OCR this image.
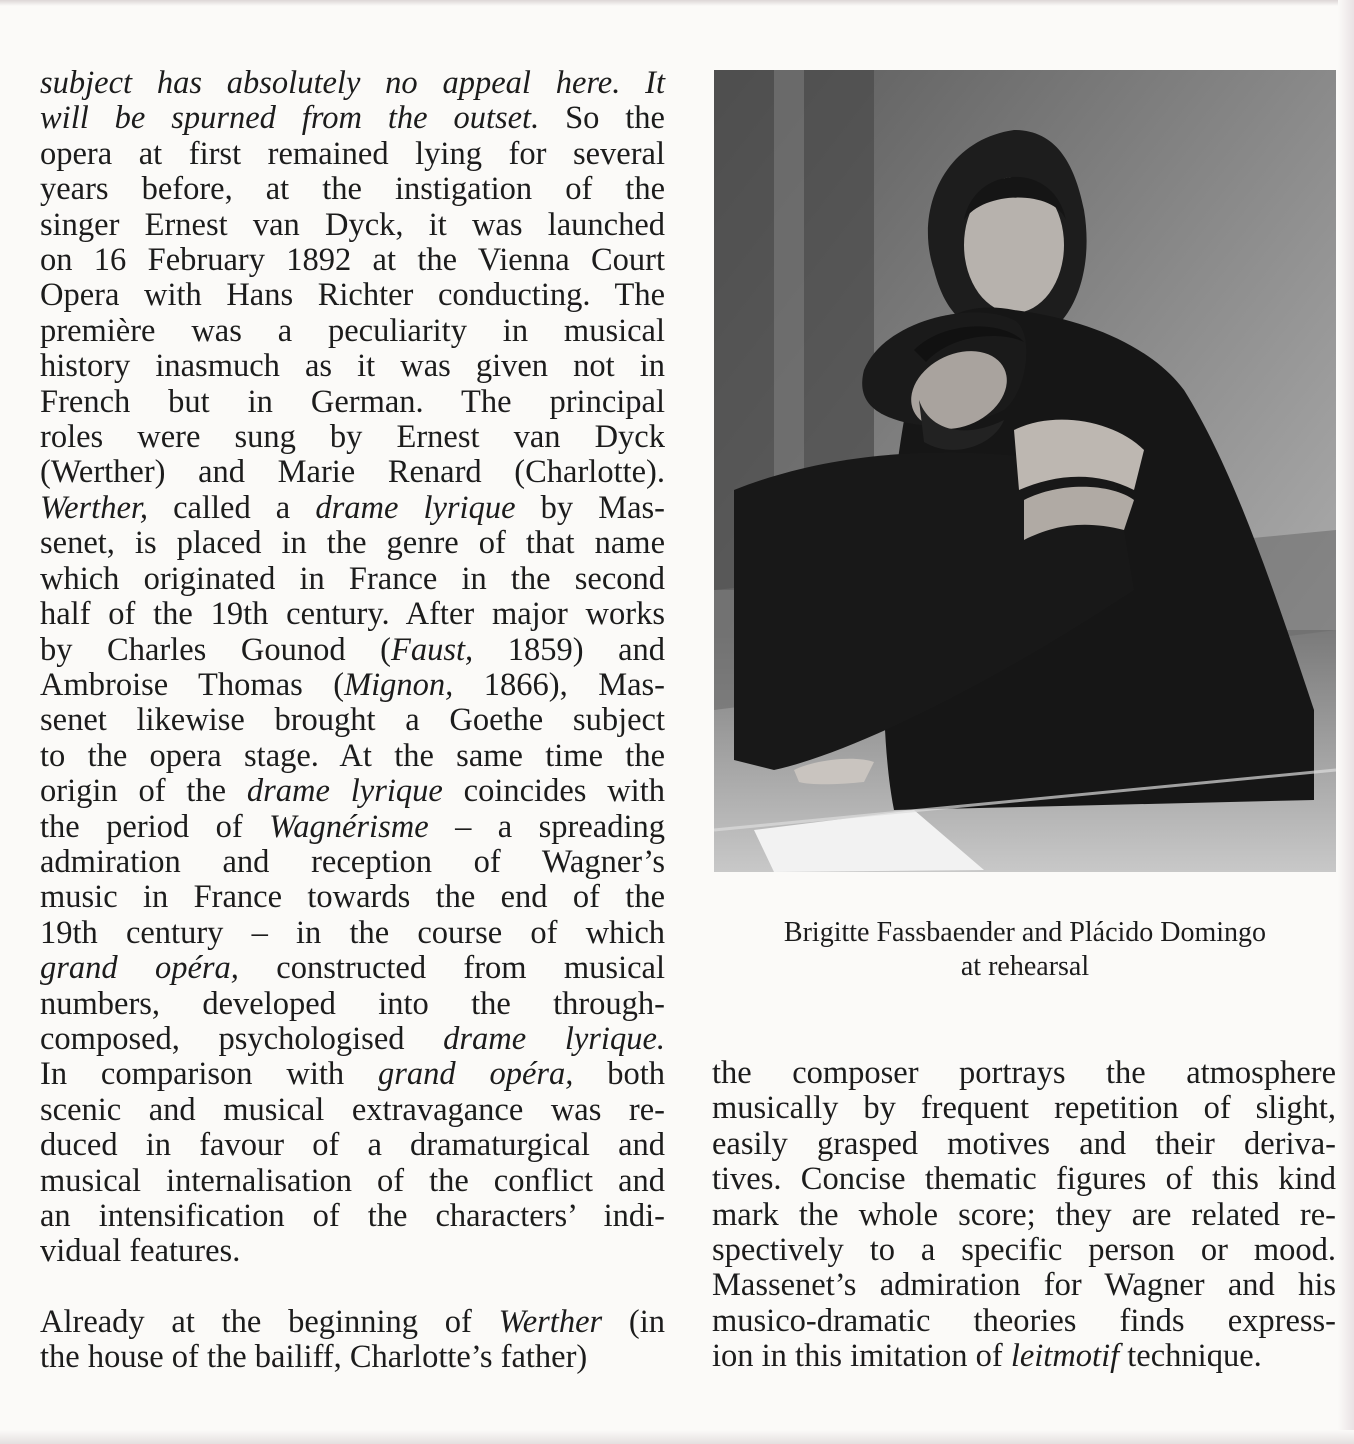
subject has absolutely no appeal here. It
will be spurned from the outset. So the
opera at first remained lying for several
years before, at the instigation of the
singer Ernest van Dyck, it was launched
on 16 February 1892 at the Vienna Court
Opera with Hans Richter conducting. The
première was a peculiarity in musical
history inasmuch as it was given not in
French but in German. The principal
roles were sung by Ernest van Dyck
(Werther) and Marie Renard (Charlotte).
Werther, called a drame lyrique by Mas-
senet, is placed in the genre of that name
which originated in France in the second
half of the 19th century. After major works
by Charles Gounod (Faust, 1859) and
Ambroise Thomas (Mignon, 1866), Mas-
senet likewise brought a Goethe subject
to the opera stage. At the same time the
origin of the drame lyrique coincides with
the period of Wagnérisme – a spreading
admiration and reception of Wagner’s
music in France towards the end of the
19th century – in the course of which
grand opéra, constructed from musical
numbers, developed into the through-
composed, psychologised drame lyrique.
In comparison with grand opéra, both
scenic and musical extravagance was re-
duced in favour of a dramaturgical and
musical internalisation of the conflict and
an intensification of the characters’ indi-
vidual features.
Already at the beginning of Werther (in
the house of the bailiff, Charlotte’s father)
Brigitte Fassbaender and Plácido Domingo
at rehearsal
the composer portrays the atmosphere
musically by frequent repetition of slight,
easily grasped motives and their deriva-
tives. Concise thematic figures of this kind
mark the whole score; they are related re-
spectively to a specific person or mood.
Massenet’s admiration for Wagner and his
musico-dramatic theories finds express-
ion in this imitation of leitmotif technique.
